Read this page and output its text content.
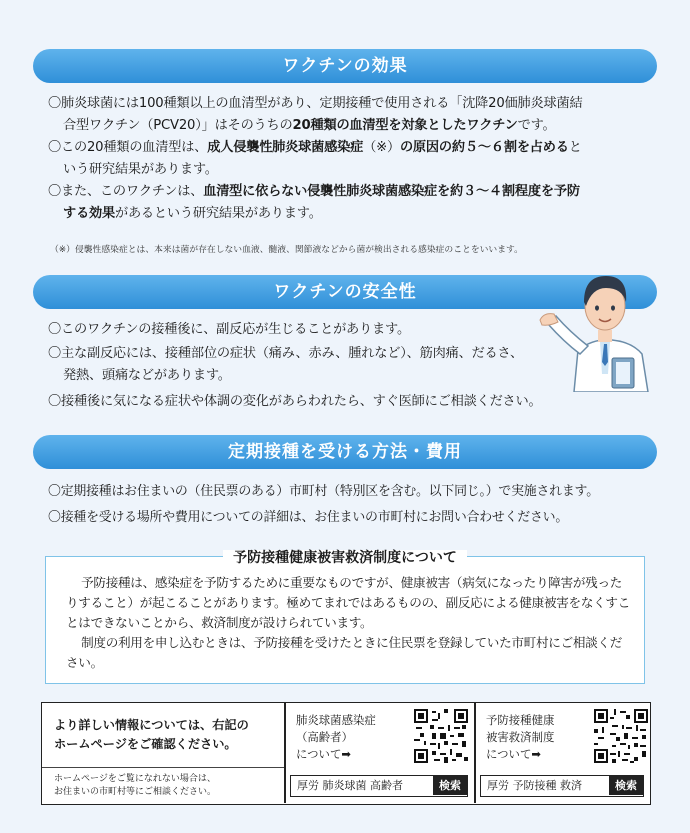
ワクチンの効果
〇肺炎球菌には100種類以上の血清型があり、定期接種で使用される「沈降20価肺炎球菌結
合型ワクチン（PCV20）」はそのうちの20種類の血清型を対象としたワクチンです。
〇この20種類の血清型は、成人侵襲性肺炎球菌感染症（※）の原因の約５～６割を占めると
いう研究結果があります。
〇また、このワクチンは、血清型に依らない侵襲性肺炎球菌感染症を約３～４割程度を予防
する効果があるという研究結果があります。
（※）侵襲性感染症とは、本来は菌が存在しない血液、髄液、関節液などから菌が検出される感染症のことをいいます。
ワクチンの安全性
〇このワクチンの接種後に、副反応が生じることがあります。
〇主な副反応には、接種部位の症状（痛み、赤み、腫れなど）、筋肉痛、だるさ、
発熱、頭痛などがあります。
〇接種後に気になる症状や体調の変化があらわれたら、すぐ医師にご相談ください。
定期接種を受ける方法・費用
〇定期接種はお住まいの（住民票のある）市町村（特別区を含む。以下同じ。）で実施されます。
〇接種を受ける場所や費用についての詳細は、お住まいの市町村にお問い合わせください。
予防接種健康被害救済制度について

予防接種は、感染症を予防するために重要なものですが、健康被害（病気になったり障害が残ったりすること）が起こることがあります。極めてまれではあるものの、副反応による健康被害をなくすことはできないことから、救済制度が設けられています。

制度の利用を申し込むときは、予防接種を受けたときに住民票を登録していた市町村にご相談ください。

より詳しい情報については、右記の
ホームページをご確認ください。
ホームページをご覧になれない場合は、
お住まいの市町村等にご相談ください。
肺炎球菌感染症
（高齢者）
について➡
予防接種健康
被害救済制度
について➡
厚労 肺炎球菌 高齢者	検索	厚労 予防接種 救済	検索
